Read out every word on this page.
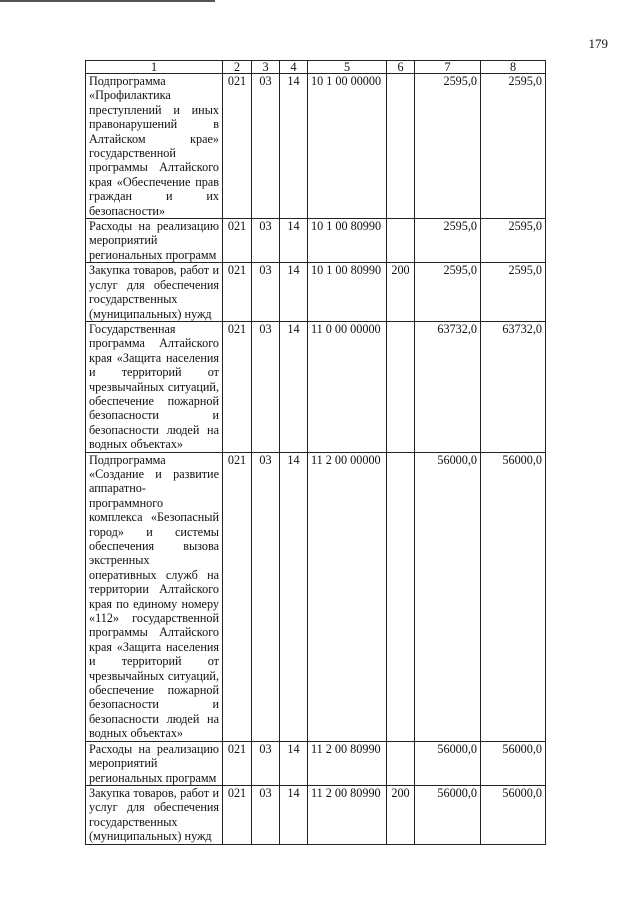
179
1	2	3	4	5	6	7	8
Подпрограмма «Профилактика преступлений и иных правонарушений в Алтайском крае» государственной программы Алтайского края «Обеспечение прав граждан и их безопасности»	021	03	14	10 1 00 00000		2595,0	2595,0
Расходы на реализацию мероприятий региональных программ	021	03	14	10 1 00 80990		2595,0	2595,0
Закупка товаров, работ и услуг для обеспечения государственных (муниципальных) нужд	021	03	14	10 1 00 80990	200	2595,0	2595,0
Государственная программа Алтайского края «Защита населения и территорий от чрезвычайных ситуаций, обеспечение пожарной безопасности и безопасности людей на водных объектах»	021	03	14	11 0 00 00000		63732,0	63732,0
Подпрограмма «Создание и развитие аппаратно-программного комплекса «Безопасный город» и системы обеспечения вызова экстренных оперативных служб на территории Алтайского края по единому номеру «112» государственной программы Алтайского края «Защита населения и территорий от чрезвычайных ситуаций, обеспечение пожарной безопасности и безопасности людей на водных объектах»	021	03	14	11 2 00 00000		56000,0	56000,0
Расходы на реализацию мероприятий региональных программ	021	03	14	11 2 00 80990		56000,0	56000,0
Закупка товаров, работ и услуг для обеспечения государственных (муниципальных) нужд	021	03	14	11 2 00 80990	200	56000,0	56000,0
